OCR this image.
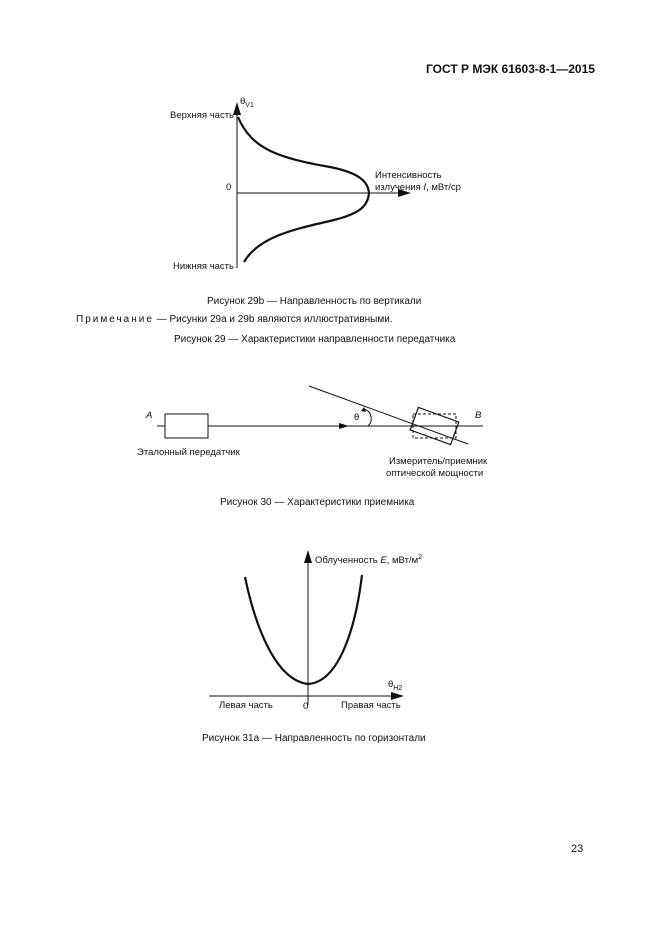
ГОСТ Р МЭК 61603-8-1—2015
$\theta_{V1}$
Верхняя часть
0
Интенсивность
излучения I, мВт/ср
Нижняя часть
Рисунок 29b — Направленность по вертикали
Примечание — Рисунки 29а и 29b являются иллюстративными.
Рисунок 29 — Характеристики направленности передатчика
A	B
θ
Эталонный передатчик
Измеритель/приемник
оптической мощности
Рисунок 30 — Характеристики приемника
Облученность E, мВт/$м^2$
$\theta_{H2}$
Левая часть	0	Правая часть
Рисунок 31а — Направленность по горизонтали
23
